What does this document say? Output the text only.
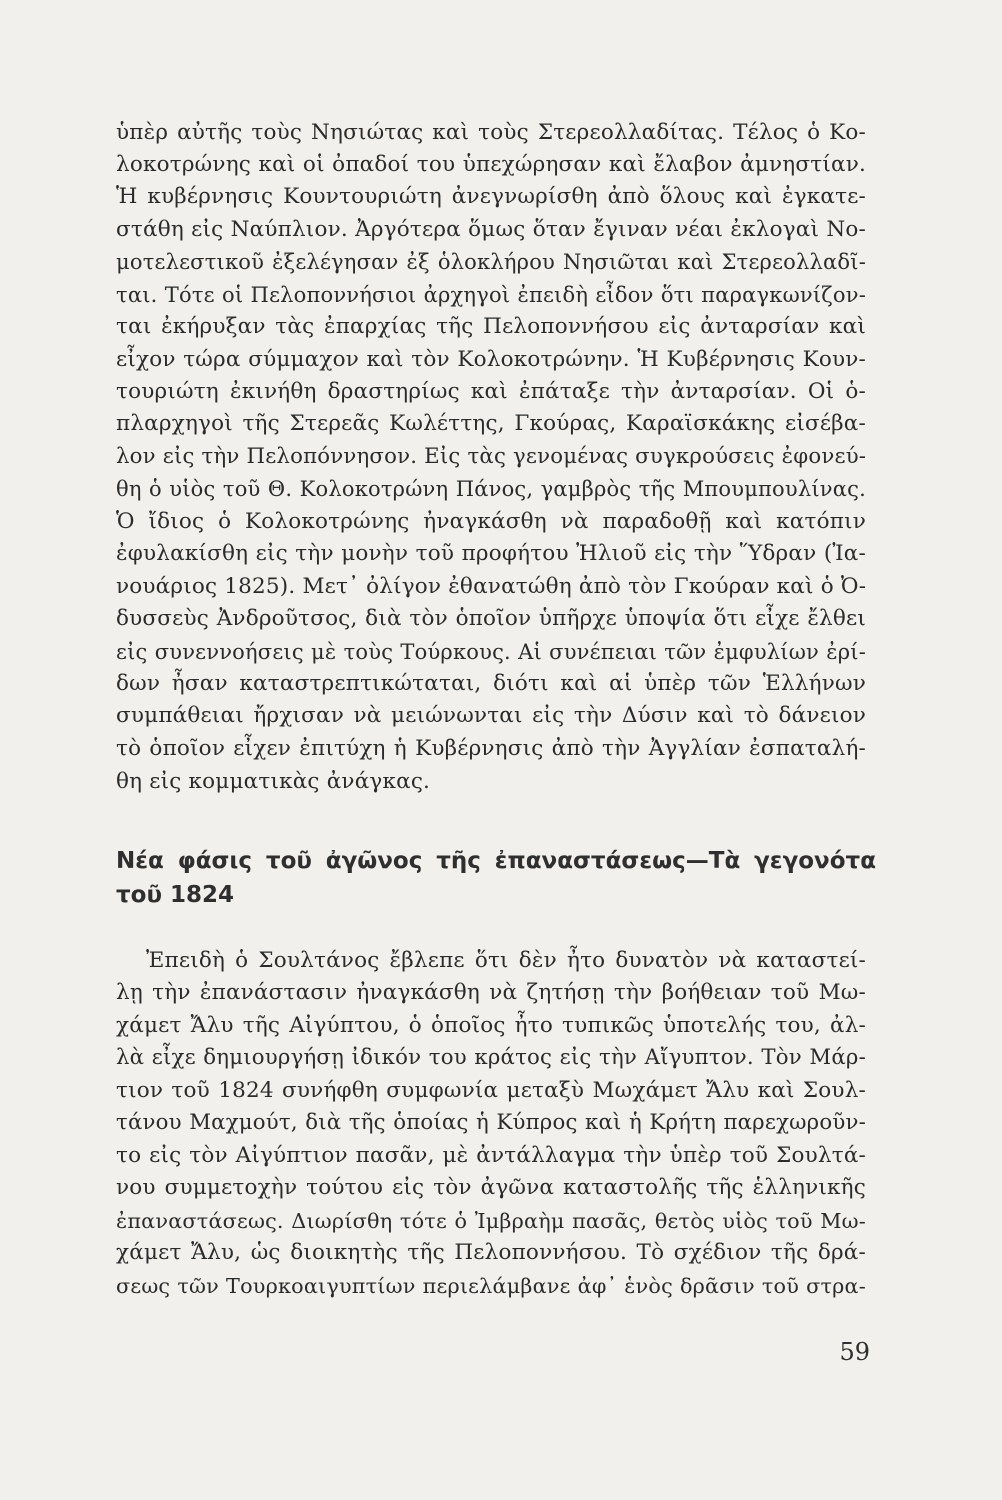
ὑπὲρ αὐτῆς τοὺς Νησιώτας καὶ τοὺς Στερεολλαδίτας. Τέλος ὁ Κο-
λοκοτρώνης καὶ οἱ ὀπαδοί του ὑπεχώρησαν καὶ ἔλαβον ἀμνηστίαν.
Ἡ κυβέρνησις Κουντουριώτη ἀνεγνωρίσθη ἀπὸ ὅλους καὶ ἐγκατε-
στάθη εἰς Ναύπλιον. Ἀργότερα ὅμως ὅταν ἔγιναν νέαι ἐκλογαὶ Νο-
μοτελεστικοῦ ἐξελέγησαν ἐξ ὁλοκλήρου Νησιῶται καὶ Στερεολλαδῖ-
ται. Τότε οἱ Πελοποννήσιοι ἀρχηγοὶ ἐπειδὴ εἶδον ὅτι παραγκωνίζον-
ται ἐκήρυξαν τὰς ἐπαρχίας τῆς Πελοποννήσου εἰς ἀνταρσίαν καὶ
εἶχον τώρα σύμμαχον καὶ τὸν Κολοκοτρώνην. Ἡ Κυβέρνησις Κουν-
τουριώτη ἐκινήθη δραστηρίως καὶ ἐπάταξε τὴν ἀνταρσίαν. Οἱ ὁ-
πλαρχηγοὶ τῆς Στερεᾶς Κωλέττης, Γκούρας, Καραϊσκάκης εἰσέβα-
λον εἰς τὴν Πελοπόννησον. Εἰς τὰς γενομένας συγκρούσεις ἐφονεύ-
θη ὁ υἱὸς τοῦ Θ. Κολοκοτρώνη Πάνος, γαμβρὸς τῆς Μπουμπουλίνας.
Ὁ ἴδιος ὁ Κολοκοτρώνης ἠναγκάσθη νὰ παραδοθῇ καὶ κατόπιν
ἐφυλακίσθη εἰς τὴν μονὴν τοῦ προφήτου Ἠλιοῦ εἰς τὴν Ὕδραν (Ἰα-
νουάριος 1825). Μετ᾽ ὀλίγον ἐθανατώθη ἀπὸ τὸν Γκούραν καὶ ὁ Ὀ-
δυσσεὺς Ἀνδροῦτσος, διὰ τὸν ὁποῖον ὑπῆρχε ὑποψία ὅτι εἶχε ἔλθει
εἰς συνεννοήσεις μὲ τοὺς Τούρκους. Αἱ συνέπειαι τῶν ἐμφυλίων ἐρί-
δων ἦσαν καταστρεπτικώταται, διότι καὶ αἱ ὑπὲρ τῶν Ἑλλήνων
συμπάθειαι ἤρχισαν νὰ μειώνωνται εἰς τὴν Δύσιν καὶ τὸ δάνειον
τὸ ὁποῖον εἶχεν ἐπιτύχη ἡ Κυβέρνησις ἀπὸ τὴν Ἀγγλίαν ἐσπαταλή-
θη εἰς κομματικὰς ἀνάγκας.
Νέα φάσις τοῦ ἀγῶνος τῆς ἐπαναστάσεως—Τὰ γεγονότα
τοῦ 1824
Ἐπειδὴ ὁ Σουλτάνος ἔβλεπε ὅτι δὲν ἦτο δυνατὸν νὰ καταστεί-
λῃ τὴν ἐπανάστασιν ἠναγκάσθη νὰ ζητήσῃ τὴν βοήθειαν τοῦ Μω-
χάμετ Ἄλυ τῆς Αἰγύπτου, ὁ ὁποῖος ἦτο τυπικῶς ὑποτελής του, ἀλ-
λὰ εἶχε δημιουργήσῃ ἰδικόν του κράτος εἰς τὴν Αἴγυπτον. Τὸν Μάρ-
τιον τοῦ 1824 συνήφθη συμφωνία μεταξὺ Μωχάμετ Ἄλυ καὶ Σουλ-
τάνου Μαχμούτ, διὰ τῆς ὁποίας ἡ Κύπρος καὶ ἡ Κρήτη παρεχωροῦν-
το εἰς τὸν Αἰγύπτιον πασᾶν, μὲ ἀντάλλαγμα τὴν ὑπὲρ τοῦ Σουλτά-
νου συμμετοχὴν τούτου εἰς τὸν ἀγῶνα καταστολῆς τῆς ἑλληνικῆς
ἐπαναστάσεως. Διωρίσθη τότε ὁ Ἰμβραὴμ πασᾶς, θετὸς υἱὸς τοῦ Μω-
χάμετ Ἄλυ, ὡς διοικητὴς τῆς Πελοποννήσου. Τὸ σχέδιον τῆς δρά-
σεως τῶν Τουρκοαιγυπτίων περιελάμβανε ἀφ᾽ ἑνὸς δρᾶσιν τοῦ στρα-
59
